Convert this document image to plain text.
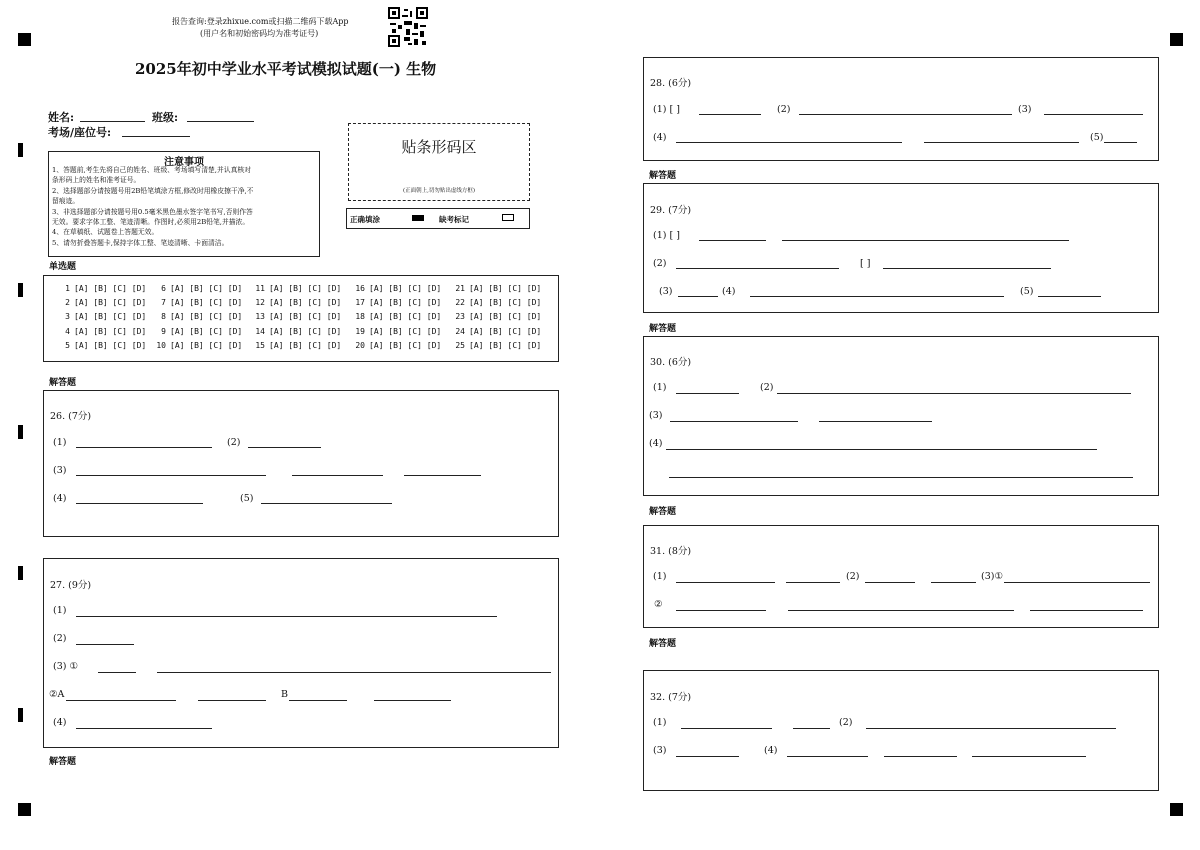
报告查询:登录zhixue.com或扫描二维码下载App
(用户名和初始密码均为准考证号)
2025年初中学业水平考试模拟试题(一) 生物
姓名:	班级:
考场/座位号:
注意事项
1、答题前,考生先将自己的姓名、班级、考场填写清楚,并认真核对
条形码上的姓名和准考证号。
2、选择题部分请按题号用2B铅笔填涂方框,修改时用橡皮擦干净,不
留痕迹。
3、非选择题部分请按题号用0.5毫米黑色墨水签字笔书写,否则作答
无效。要求字体工整、笔迹清晰。作图时,必须用2B铅笔,并描浓。
4、在草稿纸、试题卷上答题无效。
5、请勿折叠答题卡,保持字体工整、笔迹清晰、卡面清洁。
贴条形码区
(正面朝上,切勿贴出虚线方框)
正确填涂	缺考标记
单选题
1 [A] [B] [C] [D]
2 [A] [B] [C] [D]
3 [A] [B] [C] [D]
4 [A] [B] [C] [D]
5 [A] [B] [C] [D]
6 [A] [B] [C] [D]
7 [A] [B] [C] [D]
8 [A] [B] [C] [D]
9 [A] [B] [C] [D]
10 [A] [B] [C] [D]
11 [A] [B] [C] [D]
12 [A] [B] [C] [D]
13 [A] [B] [C] [D]
14 [A] [B] [C] [D]
15 [A] [B] [C] [D]
16 [A] [B] [C] [D]
17 [A] [B] [C] [D]
18 [A] [B] [C] [D]
19 [A] [B] [C] [D]
20 [A] [B] [C] [D]
21 [A] [B] [C] [D]
22 [A] [B] [C] [D]
23 [A] [B] [C] [D]
24 [A] [B] [C] [D]
25 [A] [B] [C] [D]
解答题
26. (7分)
(1)	(2)
(3)
(4)	(5)
27. (9分)
(1)
(2)
(3) ①
②A	B
(4)
解答题
28. (6分)
(1) [ ]	(2)	(3)
(4)	(5)
解答题
29. (7分)
(1) [ ]
(2)	[ ]
(3)	(4)	(5)
解答题
30. (6分)
(1)	(2)
(3)
(4)
解答题
31. (8分)
(1)	(2)	(3)①
②
解答题
32. (7分)
(1)	(2)
(3)	(4)
